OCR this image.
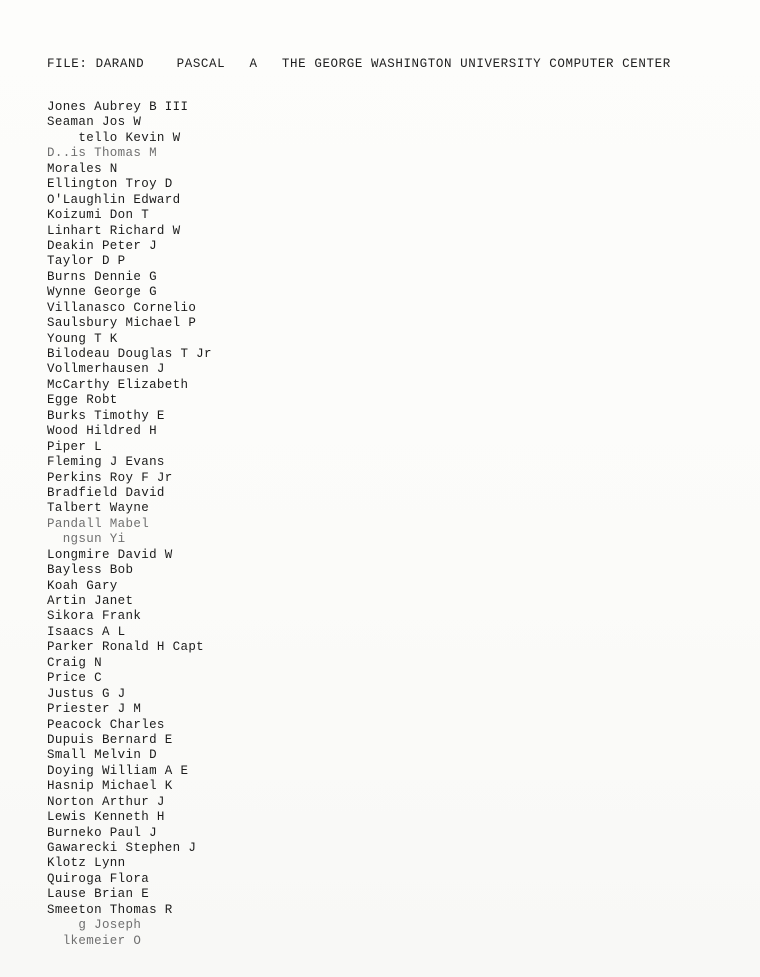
FILE: DARAND    PASCAL   A   THE GEORGE WASHINGTON UNIVERSITY COMPUTER CENTER
Jones Aubrey B III
Seaman Jos W
tello Kevin W
D..is Thomas M
Morales N
Ellington Troy D
O'Laughlin Edward
Koizumi Don T
Linhart Richard W
Deakin Peter J
Taylor D P
Burns Dennie G
Wynne George G
Villanasco Cornelio
Saulsbury Michael P
Young T K
Bilodeau Douglas T Jr
Vollmerhausen J
McCarthy Elizabeth
Egge Robt
Burks Timothy E
Wood Hildred H
Piper L
Fleming J Evans
Perkins Roy F Jr
Bradfield David
Talbert Wayne
Pandall Mabel
ngsun Yi
Longmire David W
Bayless Bob
Koah Gary
Artin Janet
Sikora Frank
Isaacs A L
Parker Ronald H Capt
Craig N
Price C
Justus G J
Priester J M
Peacock Charles
Dupuis Bernard E
Small Melvin D
Doying William A E
Hasnip Michael K
Norton Arthur J
Lewis Kenneth H
Burneko Paul J
Gawarecki Stephen J
Klotz Lynn
Quiroga Flora
Lause Brian E
Smeeton Thomas R
g Joseph
lkemeier O
